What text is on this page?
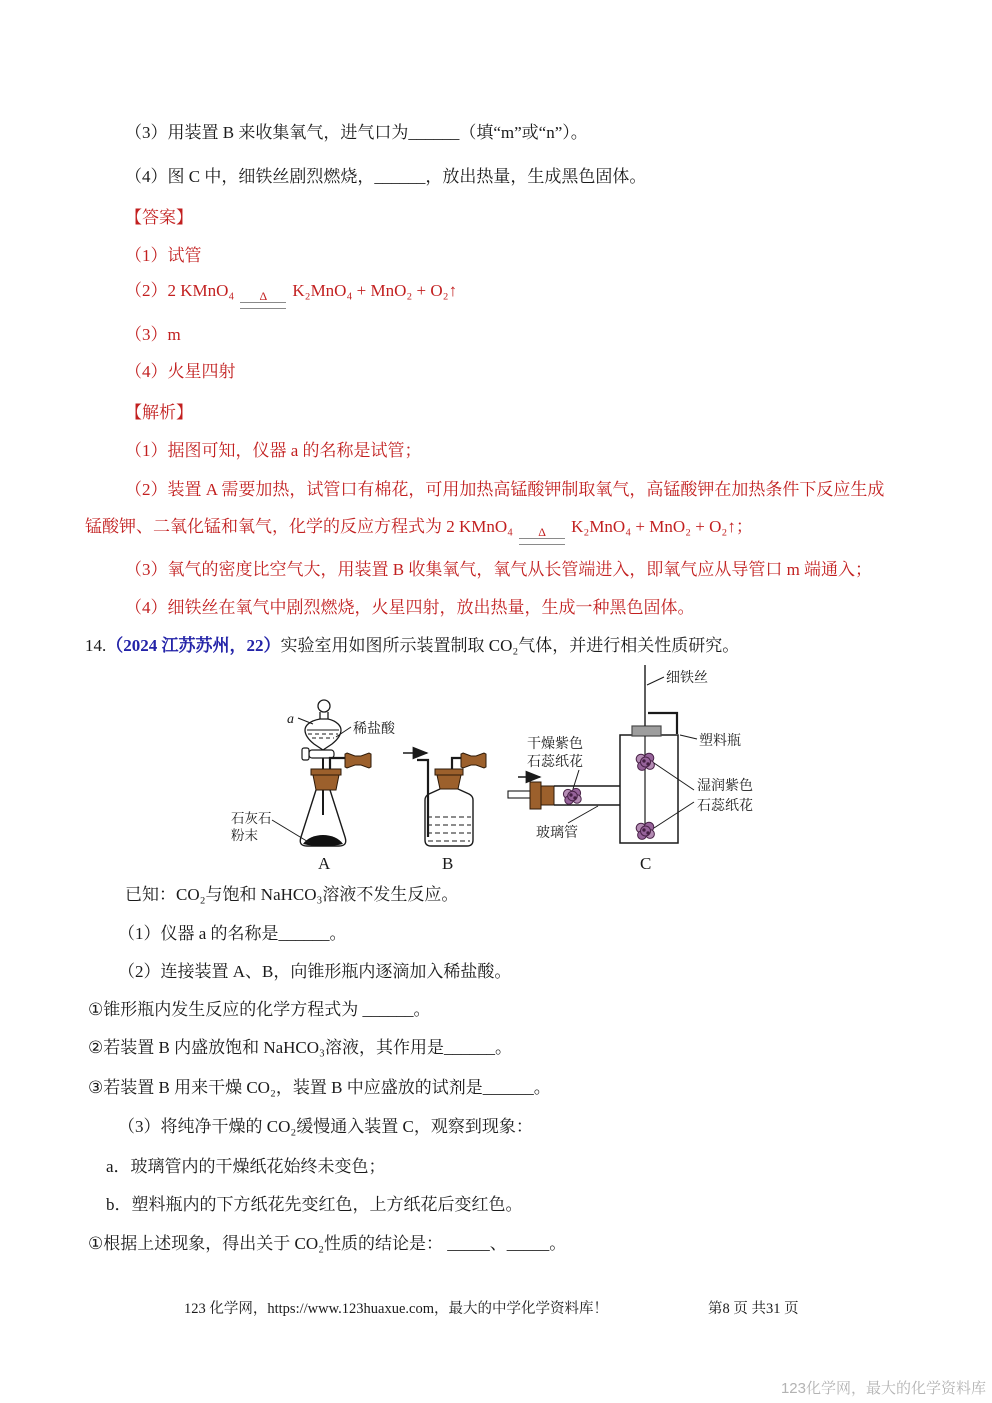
（3）用装置 B 来收集氧气，进气口为______（填“m”或“n”）。
（4）图 C 中，细铁丝剧烈燃烧，______，放出热量，生成黑色固体。
【答案】
（1）试管
（2）2 KMnO₄ Δ K₂MnO₄ + MnO₂ + O₂↑
（3）m
（4）火星四射
【解析】
（1）据图可知，仪器 a 的名称是试管；
（2）装置 A 需要加热，试管口有棉花，可用加热高锰酸钾制取氧气，高锰酸钾在加热条件下反应生成
锰酸钾、二氧化锰和氧气，化学的反应方程式为 2 KMnO₄ Δ K₂MnO₄ + MnO₂ + O₂↑；
（3）氧气的密度比空气大，用装置 B 收集氧气，氧气从长管端进入，即氧气应从导管口 m 端通入；
（4）细铁丝在氧气中剧烈燃烧，火星四射，放出热量，生成一种黑色固体。
14.（2024 江苏苏州，22）实验室用如图所示装置制取 CO₂气体，并进行相关性质研究。
a
稀盐酸
石灰石
粉末
A	B
细铁丝
塑料瓶
干燥紫色
石蕊纸花
湿润紫色
石蕊纸花
玻璃管
C
已知：CO₂与饱和 NaHCO₃溶液不发生反应。
（1）仪器 a 的名称是______。
（2）连接装置 A、B，向锥形瓶内逐滴加入稀盐酸。
①锥形瓶内发生反应的化学方程式为 ______。
②若装置 B 内盛放饱和 NaHCO₃溶液，其作用是______。
③若装置 B 用来干燥 CO₂，装置 B 中应盛放的试剂是______。
（3）将纯净干燥的 CO₂缓慢通入装置 C，观察到现象：
a．玻璃管内的干燥纸花始终未变色；
b．塑料瓶内的下方纸花先变红色，上方纸花后变红色。
①根据上述现象，得出关于 CO₂性质的结论是： _____、_____。
123 化学网，https://www.123huaxue.com，最大的中学化学资料库！	第8 页 共31 页
123化学网，最大的化学资料库
